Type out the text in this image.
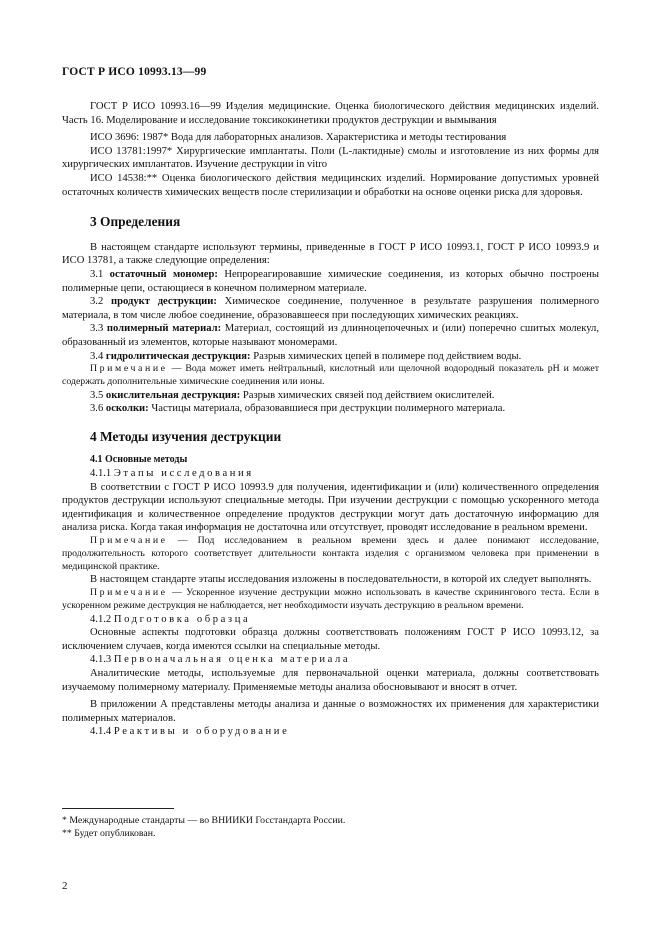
ГОСТ Р ИСО 10993.13—99

ГОСТ Р ИСО 10993.16—99 Изделия медицинские. Оценка биологического действия медицинских изделий. Часть 16. Моделирование и исследование токсикокинетики продуктов деструкции и вымывания

ИСО 3696: 1987* Вода для лабораторных анализов. Характеристика и методы тестирования

ИСО 13781:1997* Хирургические имплантаты. Поли (L-лактидные) смолы и изготовление из них формы для хирургических имплантатов. Изучение деструкции in vitro

ИСО 14538:** Оценка биологического действия медицинских изделий. Нормирование допустимых уровней остаточных количеств химических веществ после стерилизации и обработки на основе оценки риска для здоровья.

3 Определения

В настоящем стандарте используют термины, приведенные в ГОСТ Р ИСО 10993.1, ГОСТ Р ИСО 10993.9 и ИСО 13781, а также следующие определения:

3.1 остаточный мономер: Непрореагировавшие химические соединения, из которых обычно построены полимерные цепи, остающиеся в конечном полимерном материале.

3.2 продукт деструкции: Химическое соединение, полученное в результате разрушения полимерного материала, в том числе любое соединение, образовавшееся при последующих химических реакциях.

3.3 полимерный материал: Материал, состоящий из длинноцепочечных и (или) поперечно сшитых молекул, образованный из элементов, которые называют мономерами.

3.4 гидролитическая деструкция: Разрыв химических цепей в полимере под действием воды.

Примечание — Вода может иметь нейтральный, кислотный или щелочной водородный показатель pH и может содержать дополнительные химические соединения или ионы.

3.5 окислительная деструкция: Разрыв химических связей под действием окислителей.

3.6 осколки: Частицы материала, образовавшиеся при деструкции полимерного материала.

4 Методы изучения деструкции

4.1 Основные методы

4.1.1 Этапы исследования

В соответствии с ГОСТ Р ИСО 10993.9 для получения, идентификации и (или) количественного определения продуктов деструкции используют специальные методы. При изучении деструкции с помощью ускоренного метода идентификация и количественное определение продуктов деструкции могут дать достаточную информацию для анализа риска. Когда такая информация не достаточна или отсутствует, проводят исследование в реальном времени.

Примечание — Под исследованием в реальном времени здесь и далее понимают исследование, продолжительность которого соответствует длительности контакта изделия с организмом человека при применении в медицинской практике.

В настоящем стандарте этапы исследования изложены в последовательности, в которой их следует выполнять.

Примечание — Ускоренное изучение деструкции можно использовать в качестве скринингового теста. Если в ускоренном режиме деструкция не наблюдается, нет необходимости изучать деструкцию в реальном времени.

4.1.2 Подготовка образца

Основные аспекты подготовки образца должны соответствовать положениям ГОСТ Р ИСО 10993.12, за исключением случаев, когда имеются ссылки на специальные методы.

4.1.3 Первоначальная оценка материала

Аналитические методы, используемые для первоначальной оценки материала, должны соответствовать изучаемому полимерному материалу. Применяемые методы анализа обосновывают и вносят в отчет.

В приложении А представлены методы анализа и данные о возможностях их применения для характеристики полимерных материалов.

4.1.4 Реактивы и оборудование

* Международные стандарты — во ВНИИКИ Госстандарта России.

** Будет опубликован.

2
